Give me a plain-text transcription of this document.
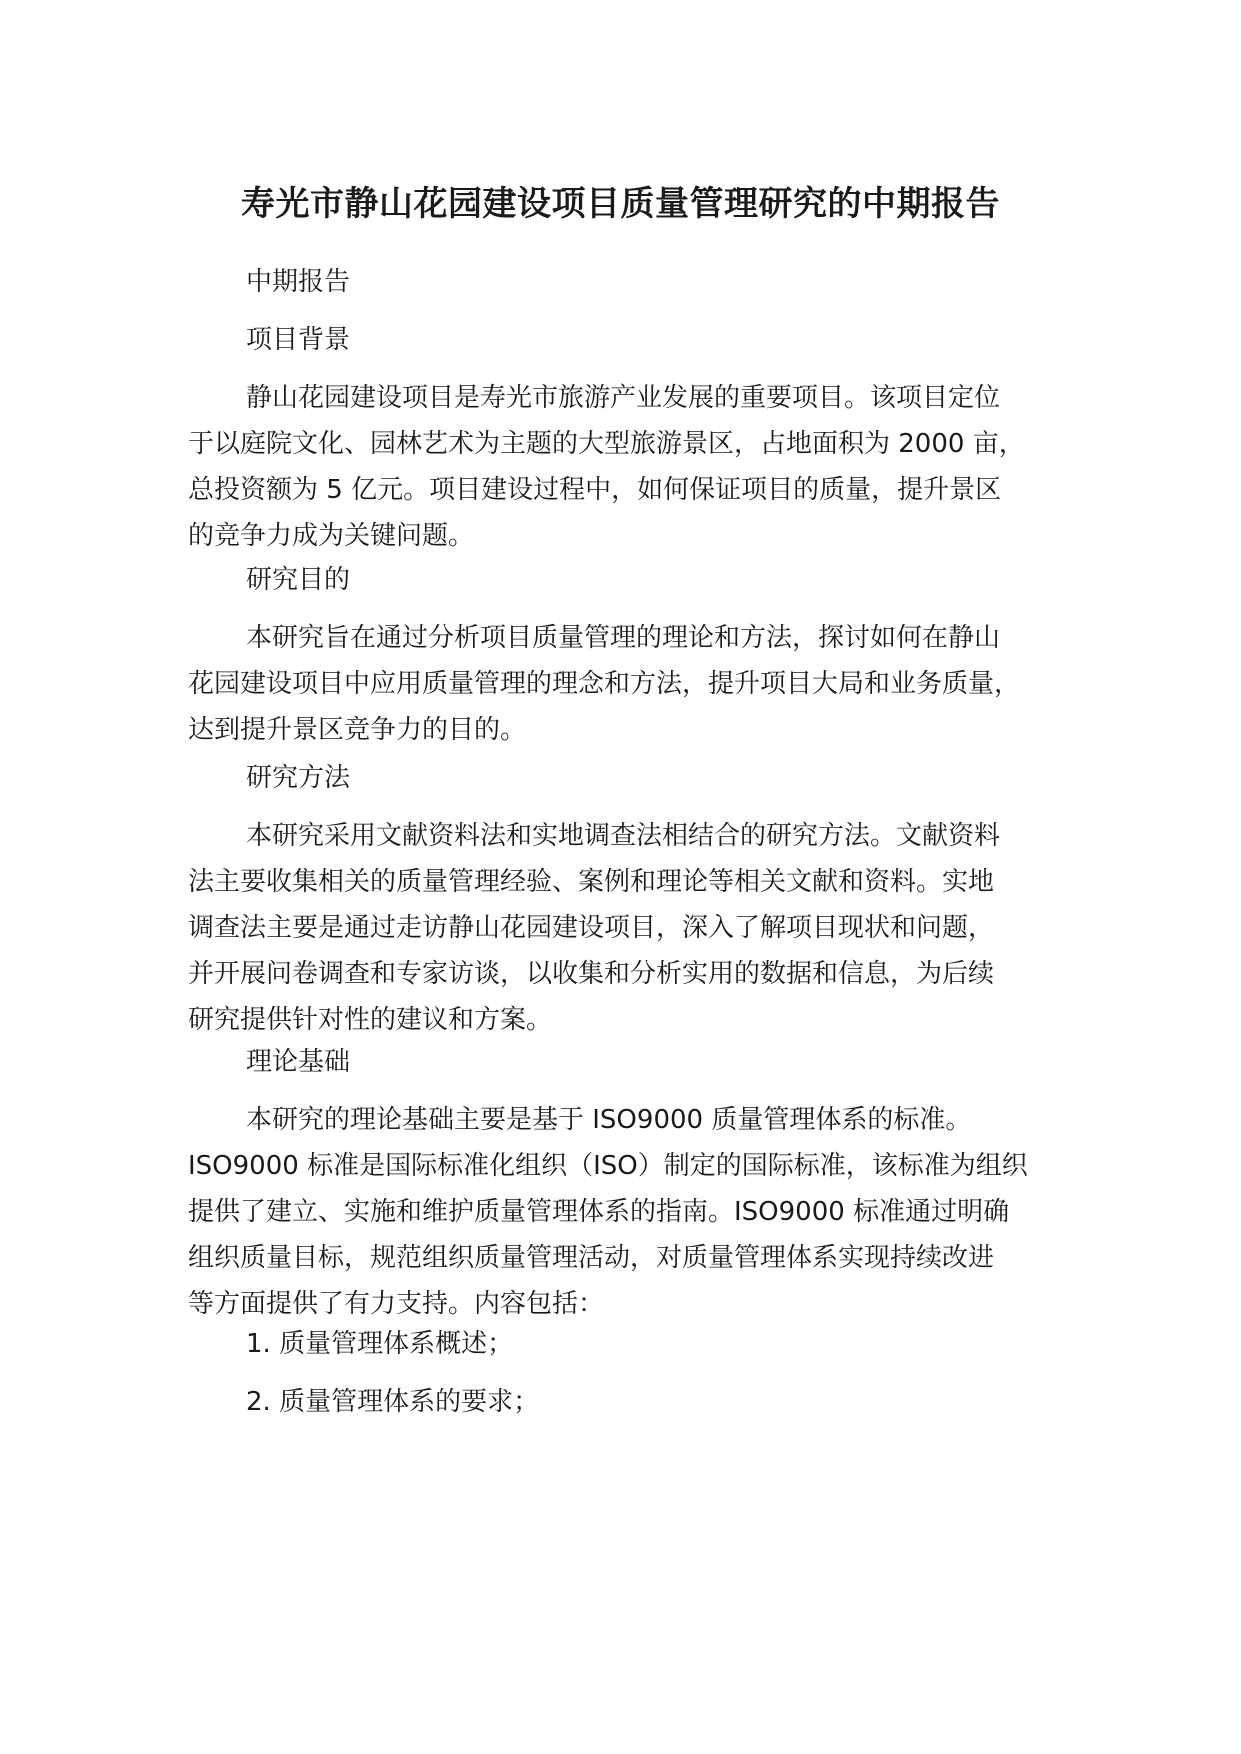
寿光市静山花园建设项目质量管理研究的中期报告

中期报告

项目背景

静山花园建设项目是寿光市旅游产业发展的重要项目。该项目定位
于以庭院文化、园林艺术为主题的大型旅游景区，占地面积为 2000 亩，
总投资额为 5 亿元。项目建设过程中，如何保证项目的质量，提升景区
的竞争力成为关键问题。

研究目的

本研究旨在通过分析项目质量管理的理论和方法，探讨如何在静山
花园建设项目中应用质量管理的理念和方法，提升项目大局和业务质量，
达到提升景区竞争力的目的。

研究方法

本研究采用文献资料法和实地调查法相结合的研究方法。文献资料
法主要收集相关的质量管理经验、案例和理论等相关文献和资料。实地
调查法主要是通过走访静山花园建设项目，深入了解项目现状和问题，
并开展问卷调查和专家访谈，以收集和分析实用的数据和信息，为后续
研究提供针对性的建议和方案。

理论基础

本研究的理论基础主要是基于 ISO9000 质量管理体系的标准。
ISO9000 标准是国际标准化组织（ISO）制定的国际标准，该标准为组织
提供了建立、实施和维护质量管理体系的指南。ISO9000 标准通过明确
组织质量目标，规范组织质量管理活动，对质量管理体系实现持续改进
等方面提供了有力支持。内容包括：

1. 质量管理体系概述；

2. 质量管理体系的要求；
